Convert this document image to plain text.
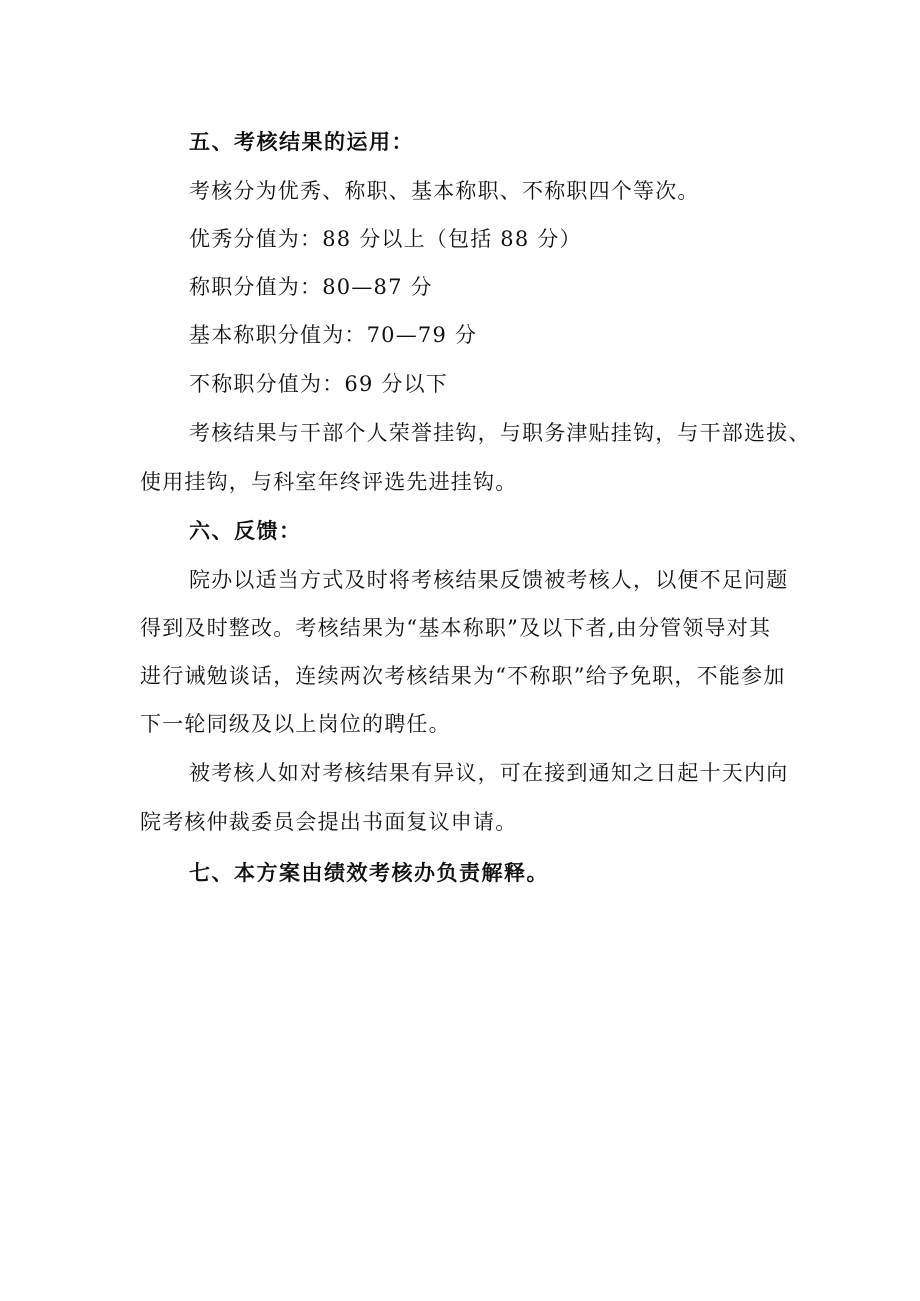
五、考核结果的运用：
考核分为优秀、称职、基本称职、不称职四个等次。
优秀分值为：88 分以上（包括 88 分）
称职分值为：80—87 分
基本称职分值为：70—79 分
不称职分值为：69 分以下
考核结果与干部个人荣誉挂钩，与职务津贴挂钩，与干部选拔、
使用挂钩，与科室年终评选先进挂钩。
六、反馈：
院办以适当方式及时将考核结果反馈被考核人，以便不足问题
得到及时整改。考核结果为“基本称职”及以下者,由分管领导对其
进行诫勉谈话，连续两次考核结果为“不称职”给予免职，不能参加
下一轮同级及以上岗位的聘任。
被考核人如对考核结果有异议，可在接到通知之日起十天内向
院考核仲裁委员会提出书面复议申请。
七、本方案由绩效考核办负责解释。
